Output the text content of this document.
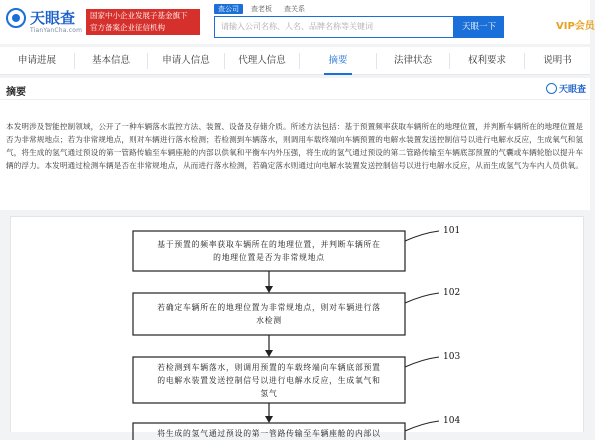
天眼查
TianYanCha.com
国家中小企业发展子基金旗下
官方备案企业征信机构
查公司 查老板 查关系
请输入公司名称、人名、品牌名称等关键词	天眼一下	VIP会员
申请进展	基本信息	申请人信息	代理人信息	摘要	法律状态	权利要求	说明书
摘要	天眼查
本发明涉及智能控制领域，公开了一种车辆落水监控方法、装置、设备及存储介质。所述方法包括：基于预置频率获取车辆所在的地理位置，并判断车辆所在的地理位置是否为非常规地点；若为非常规地点，则对车辆进行落水检测；若检测到车辆落水，则调用车载终端向车辆预置的电解水装置发送控制信号以进行电解水反应，生成氧气和氢气，将生成的氢气通过预设的第一管路传输至车辆座舱的内部以供氧和平衡车内外压强，将生成的氢气通过预设的第二管路传输至车辆底部预置的气囊或车辆轮胎以提升车辆的浮力。本发明通过检测车辆是否在非常规地点，从而进行落水检测，若确定落水则通过向电解水装置发送控制信号以进行电解水反应，从而生成氢气为车内人员供氧。
101
102
103
104
基于预置的频率获取车辆所在的地理位置，并判断车辆所在
的地理位置是否为非常规地点
若确定车辆所在的地理位置为非常规地点，则对车辆进行落
水检测
若检测到车辆落水，则调用预置的车载终端向车辆底部预置
的电解水装置发送控制信号以进行电解水反应，生成氧气和
氢气
将生成的氢气通过预设的第一管路传输至车辆座舱的内部以
